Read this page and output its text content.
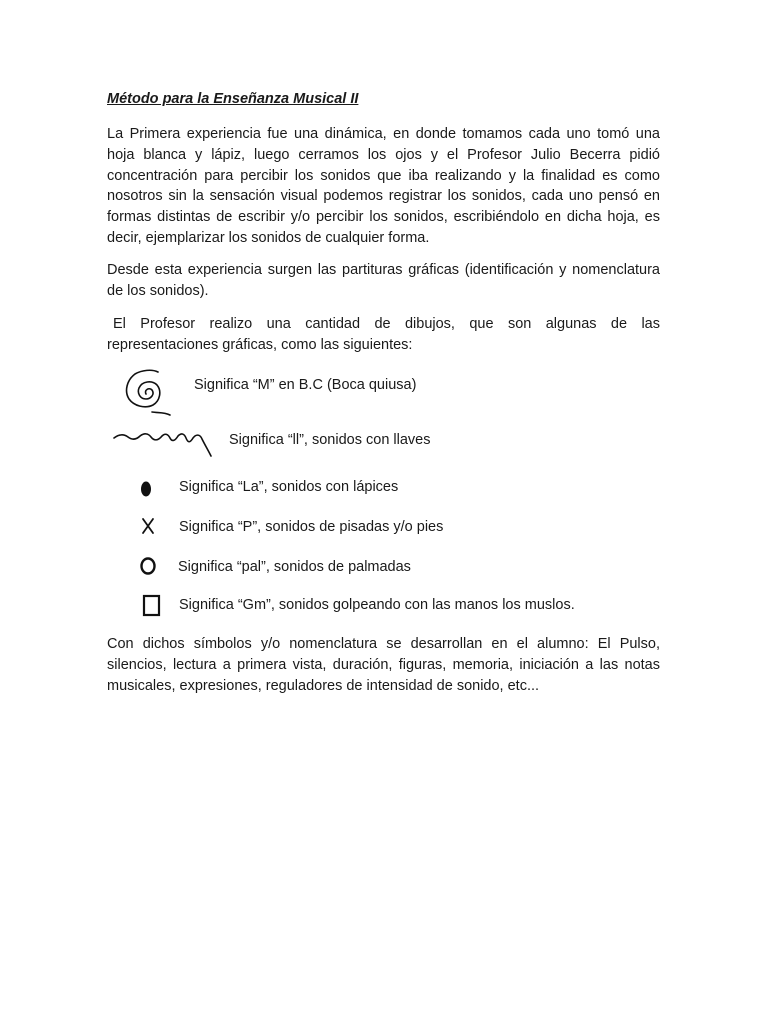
Método para la Enseñanza Musical II

La Primera experiencia fue una dinámica, en donde tomamos cada uno tomó una hoja blanca y lápiz, luego cerramos los ojos y el Profesor Julio Becerra pidió concentración para percibir los sonidos que iba realizando y la finalidad es como nosotros sin la sensación visual podemos registrar los sonidos, cada uno pensó en formas distintas de escribir y/o percibir los sonidos, escribiéndolo en dicha hoja, es decir, ejemplarizar los sonidos de cualquier forma.

Desde esta experiencia surgen las partituras gráficas (identificación y nomenclatura de los sonidos).

El Profesor realizo una cantidad de dibujos, que son algunas de las representaciones gráficas, como las siguientes:

Significa “M” en B.C (Boca quiusa)
Significa “ll”, sonidos con llaves
Significa “La”, sonidos con lápices
Significa “P”, sonidos de pisadas y/o pies
Significa “pal”, sonidos de palmadas
Significa “Gm”, sonidos golpeando con las manos los muslos.

Con dichos símbolos y/o nomenclatura se desarrollan en el alumno: El Pulso, silencios, lectura a primera vista, duración, figuras, memoria, iniciación a las notas musicales, expresiones, reguladores de intensidad de sonido, etc...
